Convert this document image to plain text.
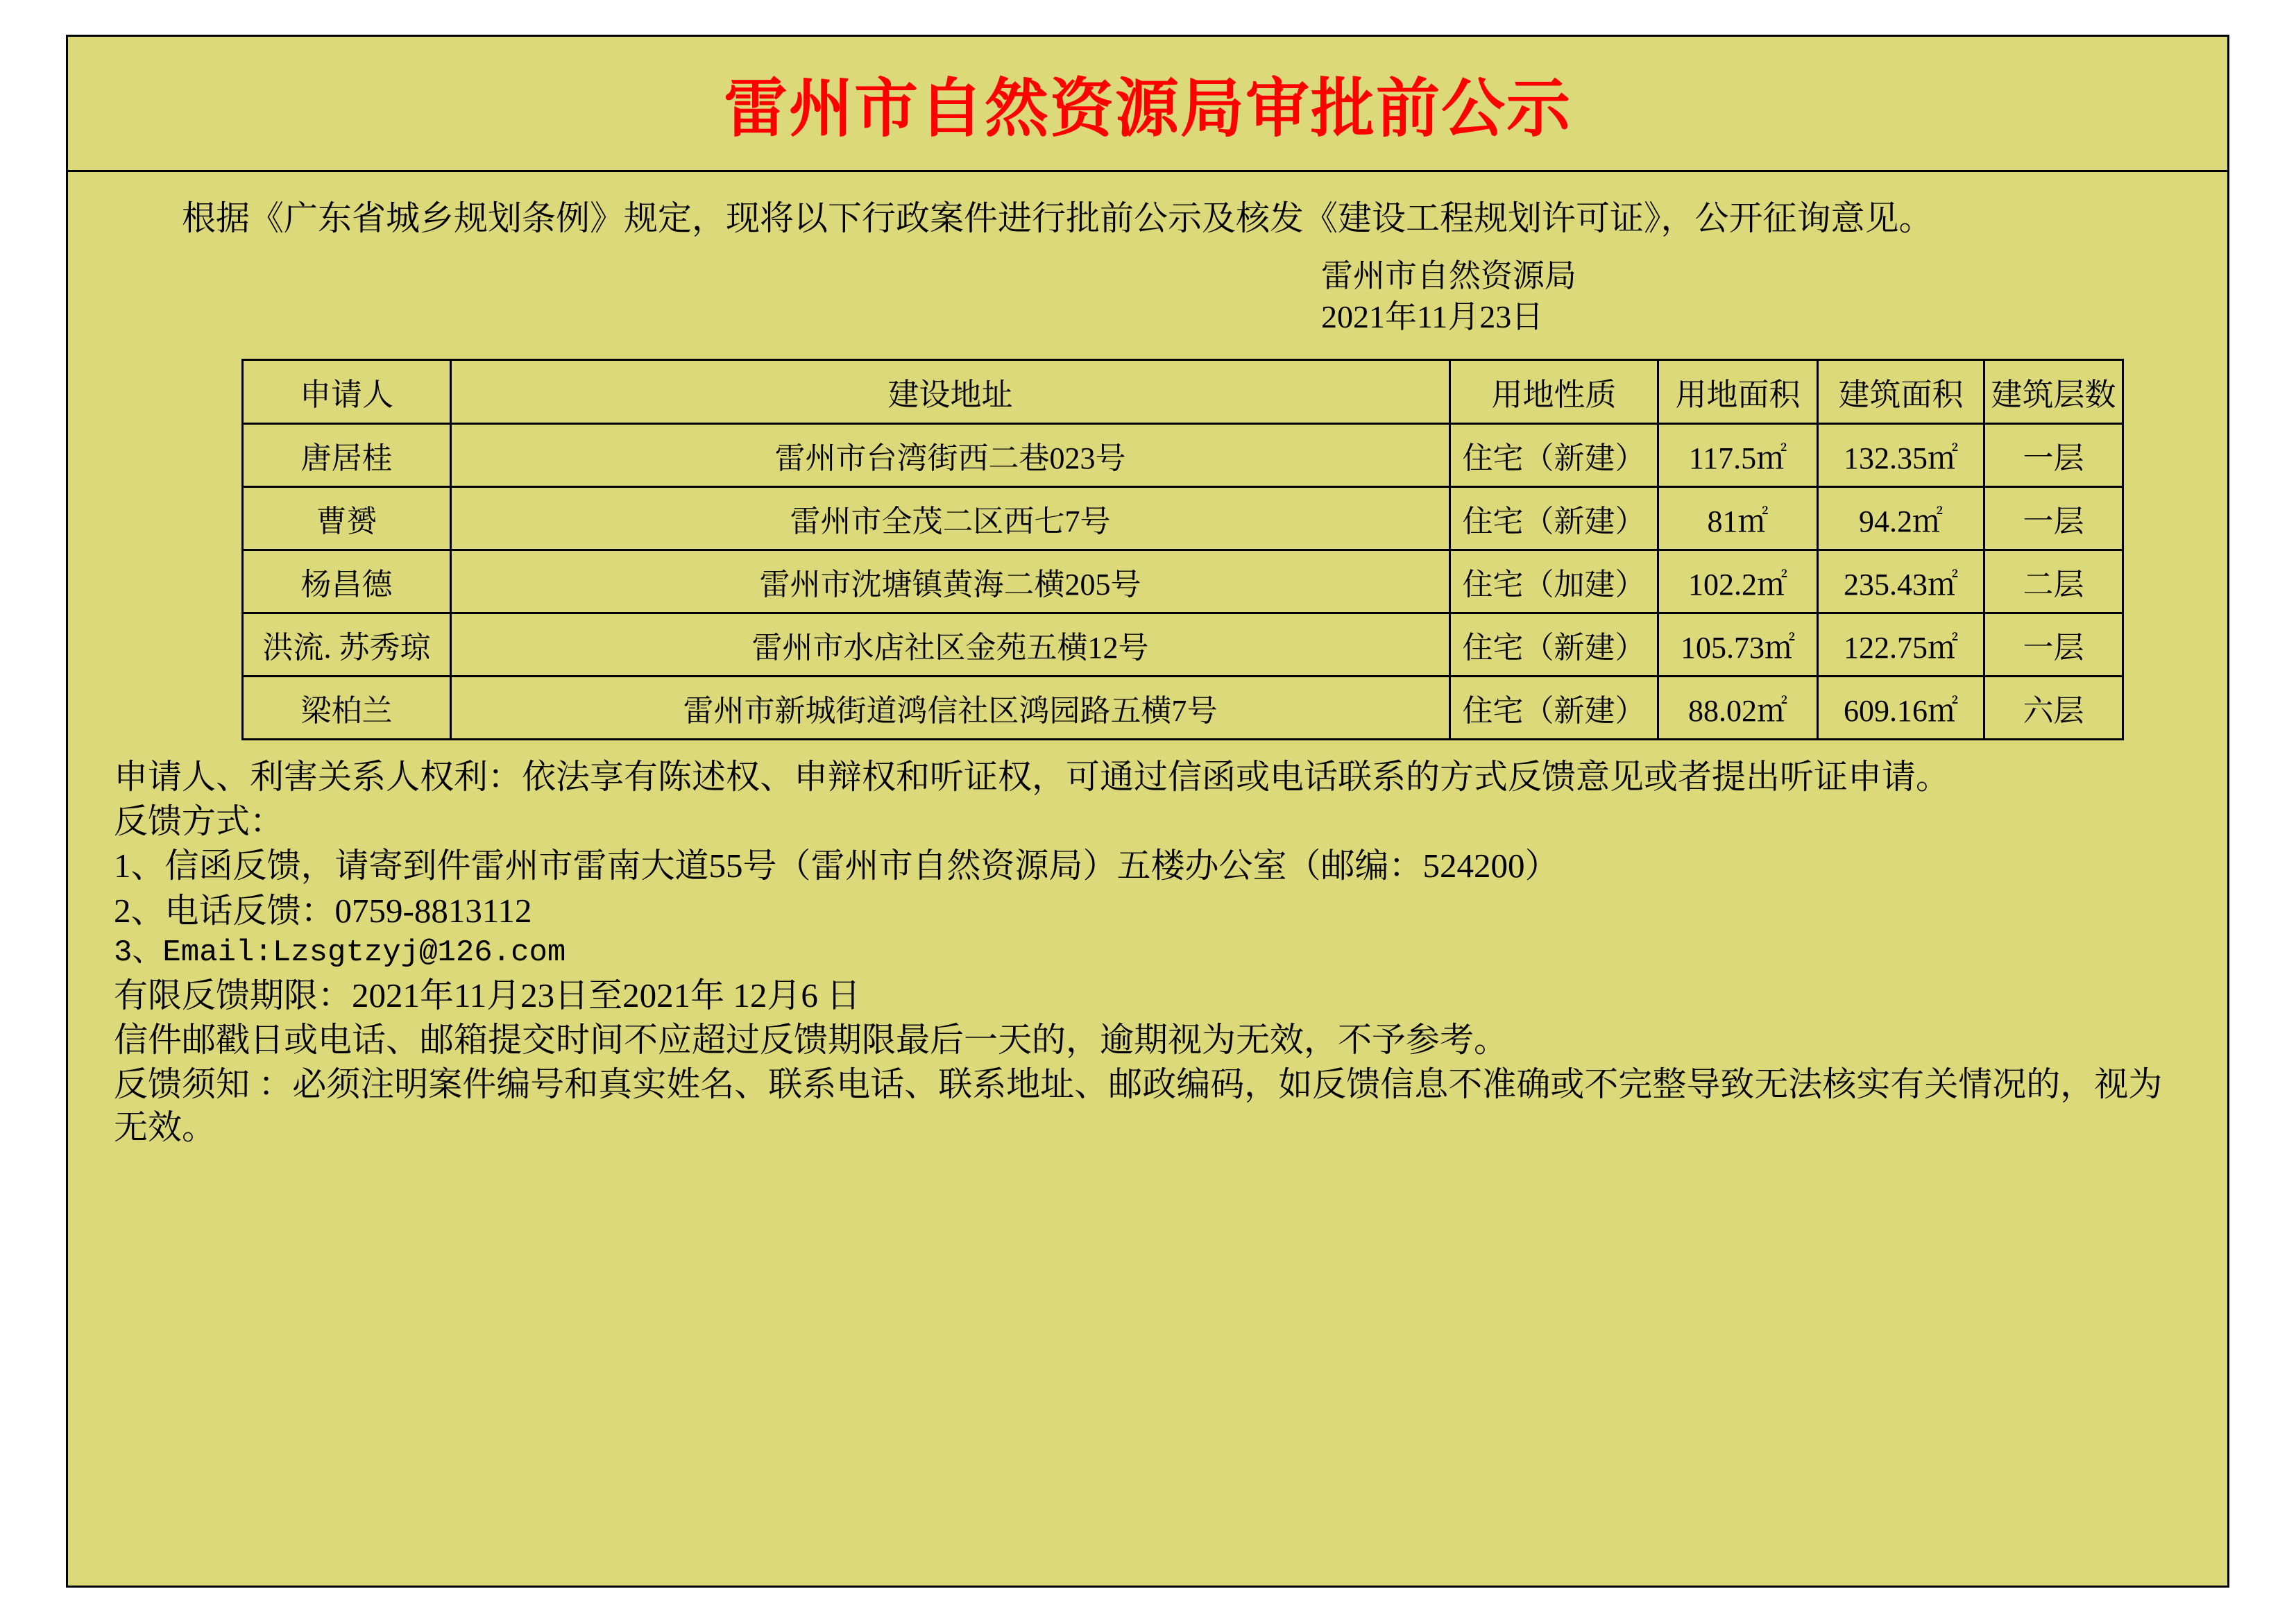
雷州市自然资源局审批前公示

根据《广东省城乡规划条例》规定，现将以下行政案件进行批前公示及核发《建设工程规划许可证》，公开征询意见。

雷州市自然资源局
2021年11月23日
申请人	建设地址	用地性质	用地面积	建筑面积	建筑层数
唐居桂	雷州市台湾街西二巷023号	住宅（新建）	117.5㎡	132.35㎡	一层
曹赟	雷州市全茂二区西七7号	住宅（新建）	81㎡	94.2㎡	一层
杨昌德	雷州市沈塘镇黄海二横205号	住宅（加建）	102.2㎡	235.43㎡	二层
洪流. 苏秀琼	雷州市水店社区金苑五横12号	住宅（新建）	105.73㎡	122.75㎡	一层
梁柏兰	雷州市新城街道鸿信社区鸿园路五横7号	住宅（新建）	88.02㎡	609.16㎡	六层

申请人、利害关系人权利：依法享有陈述权、申辩权和听证权，可通过信函或电话联系的方式反馈意见或者提出听证申请。

反馈方式：

1、信函反馈，请寄到件雷州市雷南大道55号（雷州市自然资源局）五楼办公室（邮编：524200）

2、电话反馈：0759-8813112

3、Email:Lzsgtzyj@126.com

有限反馈期限：2021年11月23日至2021年 12月6 日

信件邮戳日或电话、邮箱提交时间不应超过反馈期限最后一天的，逾期视为无效，不予参考。

反馈须知 ：必须注明案件编号和真实姓名、联系电话、联系地址、邮政编码，如反馈信息不准确或不完整导致无法核实有关情况的，视为无效。
